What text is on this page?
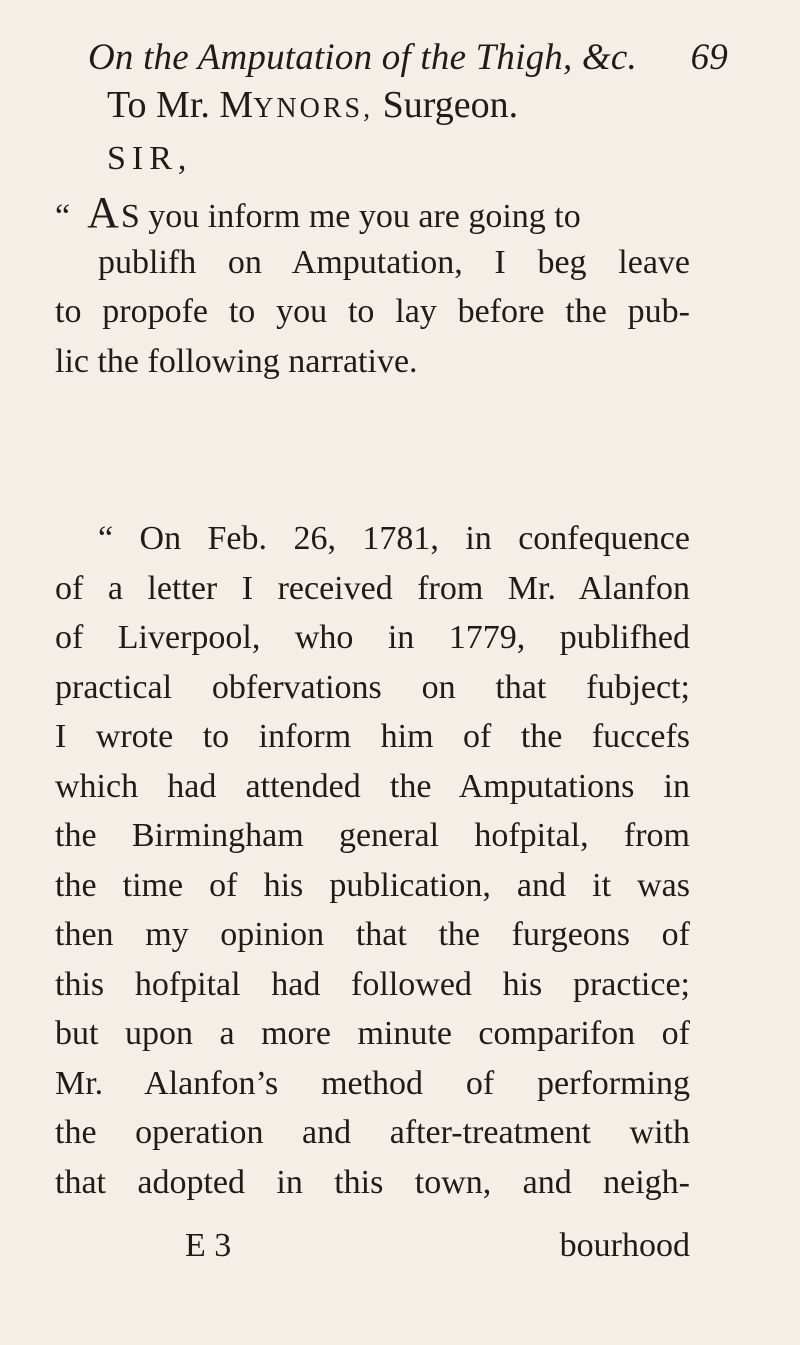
On the Amputation of the Thigh, &c. 69
To Mr. MYNORS, Surgeon.
SIR,
“ AS you inform me you are going to
publifh on Amputation, I beg leave
to propofe to you to lay before the pub-
lic the following narrative.
“ On Feb. 26, 1781, in confequence
of a letter I received from Mr. Alanfon
of Liverpool, who in 1779, publifhed
practical obfervations on that fubject;
I wrote to inform him of the fuccefs
which had attended the Amputations in
the Birmingham general hofpital, from
the time of his publication, and it was
then my opinion that the furgeons of
this hofpital had followed his practice;
but upon a more minute comparifon of
Mr. Alanfon’s method of performing
the operation and after-treatment with
that adopted in this town, and neigh-
E 3	bourhood
